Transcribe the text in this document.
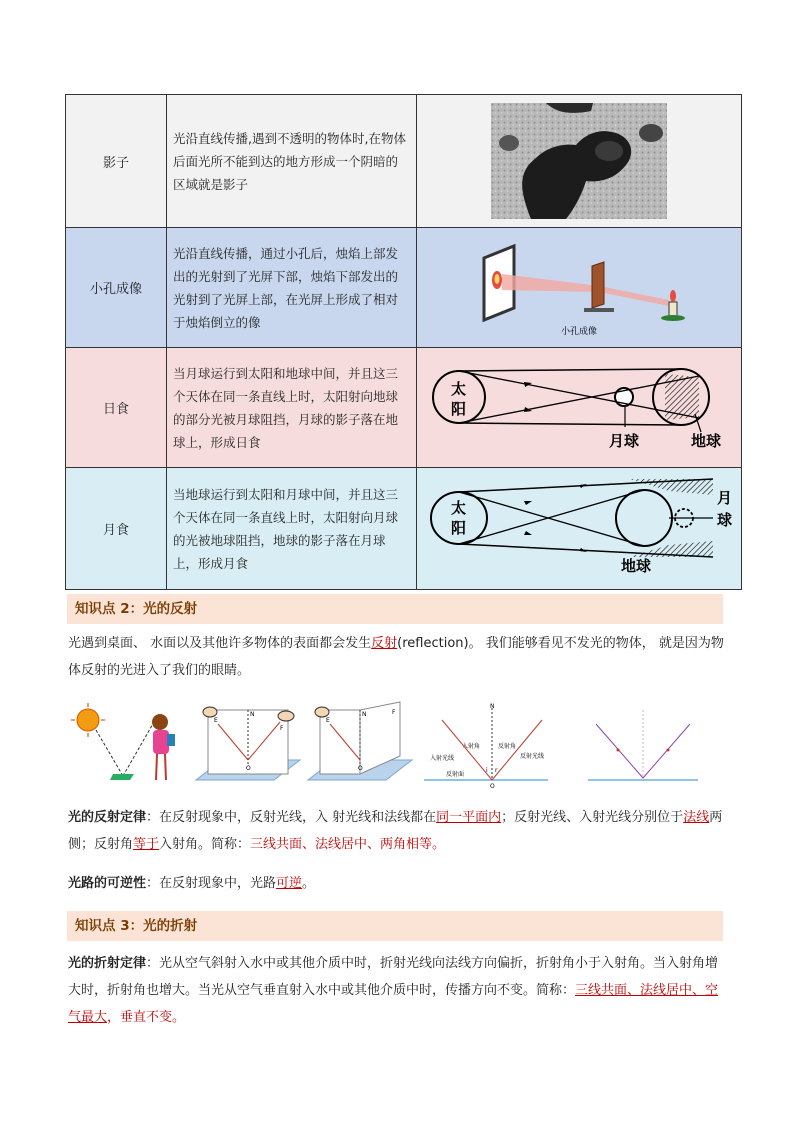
影子	光沿直线传播,遇到不透明的物体时,在物体后面光所不能到达的地方形成一个阴暗的区域就是影子	

小孔成像	光沿直线传播，通过小孔后，烛焰上部发出的光射到了光屏下部，烛焰下部发出的光射到了光屏上部，在光屏上形成了相对于烛焰倒立的像	小孔成像

日食	当月球运行到太阳和地球中间，并且这三个天体在同一条直线上时，太阳射向地球的部分光被月球阻挡，月球的影子落在地球上，形成日食	太
阳
月球 地球

月食	当地球运行到太阳和月球中间，并且这三个天体在同一条直线上时，太阳射向月球的光被地球阻挡，地球的影子落在月球上，形成月食	太
阳
月
球
地球
知识点 2：光的反射
光遇到桌面、 水面以及其他许多物体的表面都会发生反射(reflection)。 我们能够看见不发光的物体， 就是因为物体反射的光进入了我们的眼睛。
E
N
F
O
E
N	F
O
N
入射角	反射角
入射光线	反射光线
反射面
i r
O
光的反射定律：在反射现象中，反射光线，入 射光线和法线都在同一平面内；反射光线、入射光线分别位于法线两侧；反射角等于入射角。简称：三线共面、法线居中、两角相等。
光路的可逆性：在反射现象中，光路可逆。
知识点 3：光的折射
光的折射定律：光从空气斜射入水中或其他介质中时，折射光线向法线方向偏折，折射角小于入射角。当入射角增大时，折射角也增大。当光从空气垂直射入水中或其他介质中时，传播方向不变。简称：三线共面、法线居中、空气最大，垂直不变。
